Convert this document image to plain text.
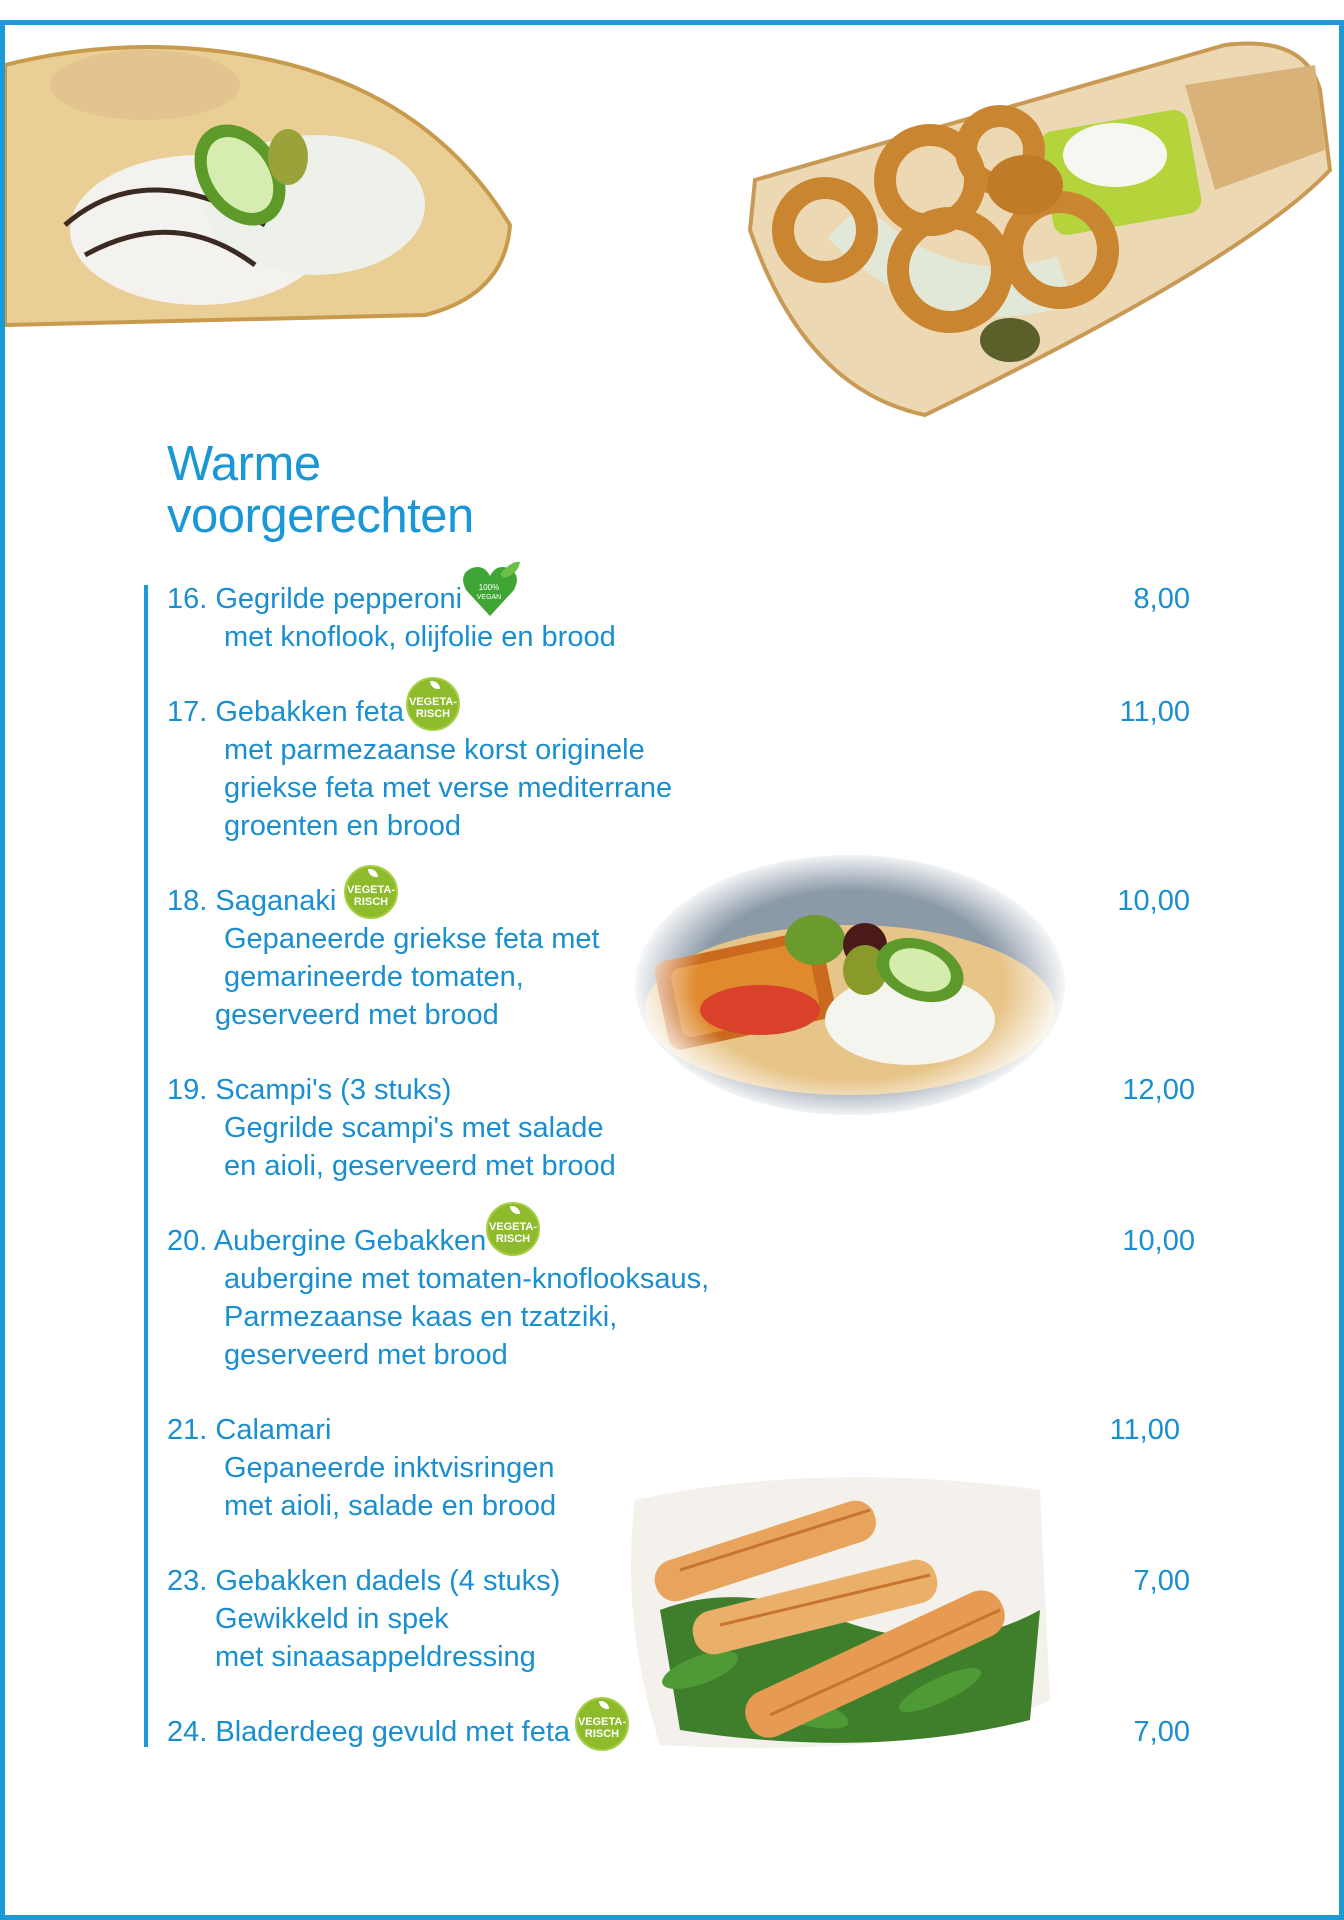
Warme
voorgerechten
16. Gegrilde pepperoni
met knoflook, olijfolie en brood
8,00
100%
VEGAN
17. Gebakken feta
met parmezaanse korst originele
griekse feta met verse mediterrane
groenten en brood
11,00
VEGETA-
RISCH
18. Saganaki
Gepaneerde griekse feta met
gemarineerde tomaten,
geserveerd met brood
10,00
VEGETA-
RISCH
19. Scampi's (3 stuks)
Gegrilde scampi's met salade
en aioli, geserveerd met brood
12,00
20. Aubergine Gebakken
aubergine met tomaten-knoflooksaus,
Parmezaanse kaas en tzatziki,
geserveerd met brood
10,00
VEGETA-
RISCH
21. Calamari
Gepaneerde inktvisringen
met aioli, salade en brood
11,00
23. Gebakken dadels (4 stuks)
Gewikkeld in spek
met sinaasappeldressing
7,00
24. Bladerdeeg gevuld met feta	7,00
VEGETA-
RISCH
